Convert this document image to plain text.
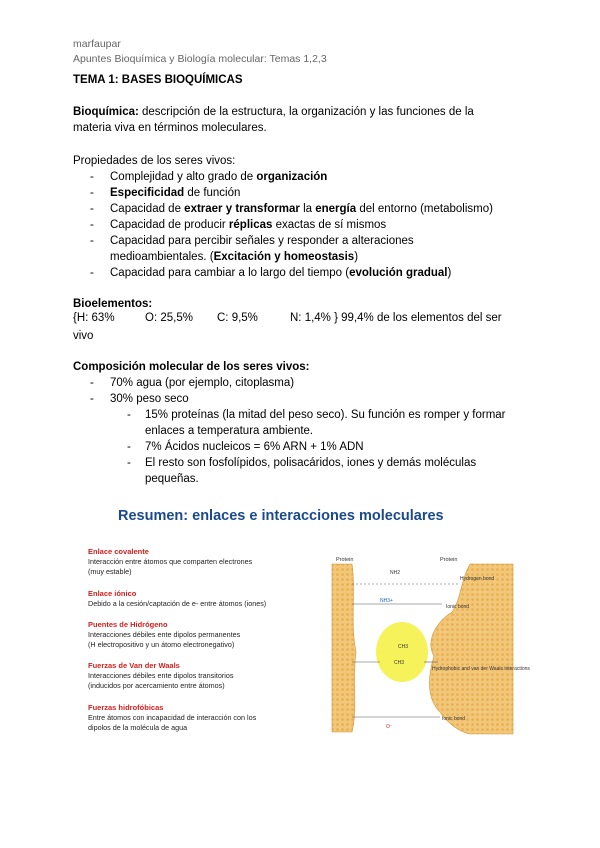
marfaupar
Apuntes Bioquímica y Biología molecular: Temas 1,2,3
TEMA 1: BASES BIOQUÍMICAS
Bioquímica: descripción de la estructura, la organización y las funciones de la
materia viva en términos moleculares.
Propiedades de los seres vivos:
-	Complejidad y alto grado de organización
-	Especificidad de función
-	Capacidad de extraer y transformar la energía del entorno (metabolismo)
-	Capacidad de producir réplicas exactas de sí mismos
-	Capacidad para percibir señales y responder a alteraciones
medioambientales. (Excitación y homeostasis)
-	Capacidad para cambiar a lo largo del tiempo (evolución gradual)
Bioelementos:
{H: 63%	O: 25,5% C: 9,5%	N: 1,4% } 99,4% de los elementos del ser
vivo
Composición molecular de los seres vivos:
-	70% agua (por ejemplo, citoplasma)
-	30% peso seco
-	15% proteínas (la mitad del peso seco). Su función es romper y formar
enlaces a temperatura ambiente.
-	7% Ácidos nucleicos = 6% ARN + 1% ADN
-	El resto son fosfolípidos, polisacáridos, iones y demás moléculas
pequeñas.
Resumen: enlaces e interacciones moleculares
Enlace covalente
Interacción entre átomos que comparten electrones
(muy estable)
Enlace iónico
Debido a la cesión/captación de e- entre átomos (iones)
Puentes de Hidrógeno
Interacciones débiles ente dipolos permanentes
(H electropositivo y un átomo electronegativo)
Fuerzas de Van der Waals
Interacciones débiles ente dipolos transitorios
(inducidos por acercamiento entre átomos)
Fuerzas hidrofóbicas
Entre átomos con incapacidad de interacción con los
dipolos de la molécula de agua
Protein	Protein
NH2
Hydrogen bond
Ionic bond
NH3+
CH3
CH3
Hydrophobic and van der Waals interactions
Ionic bond
O⁻
